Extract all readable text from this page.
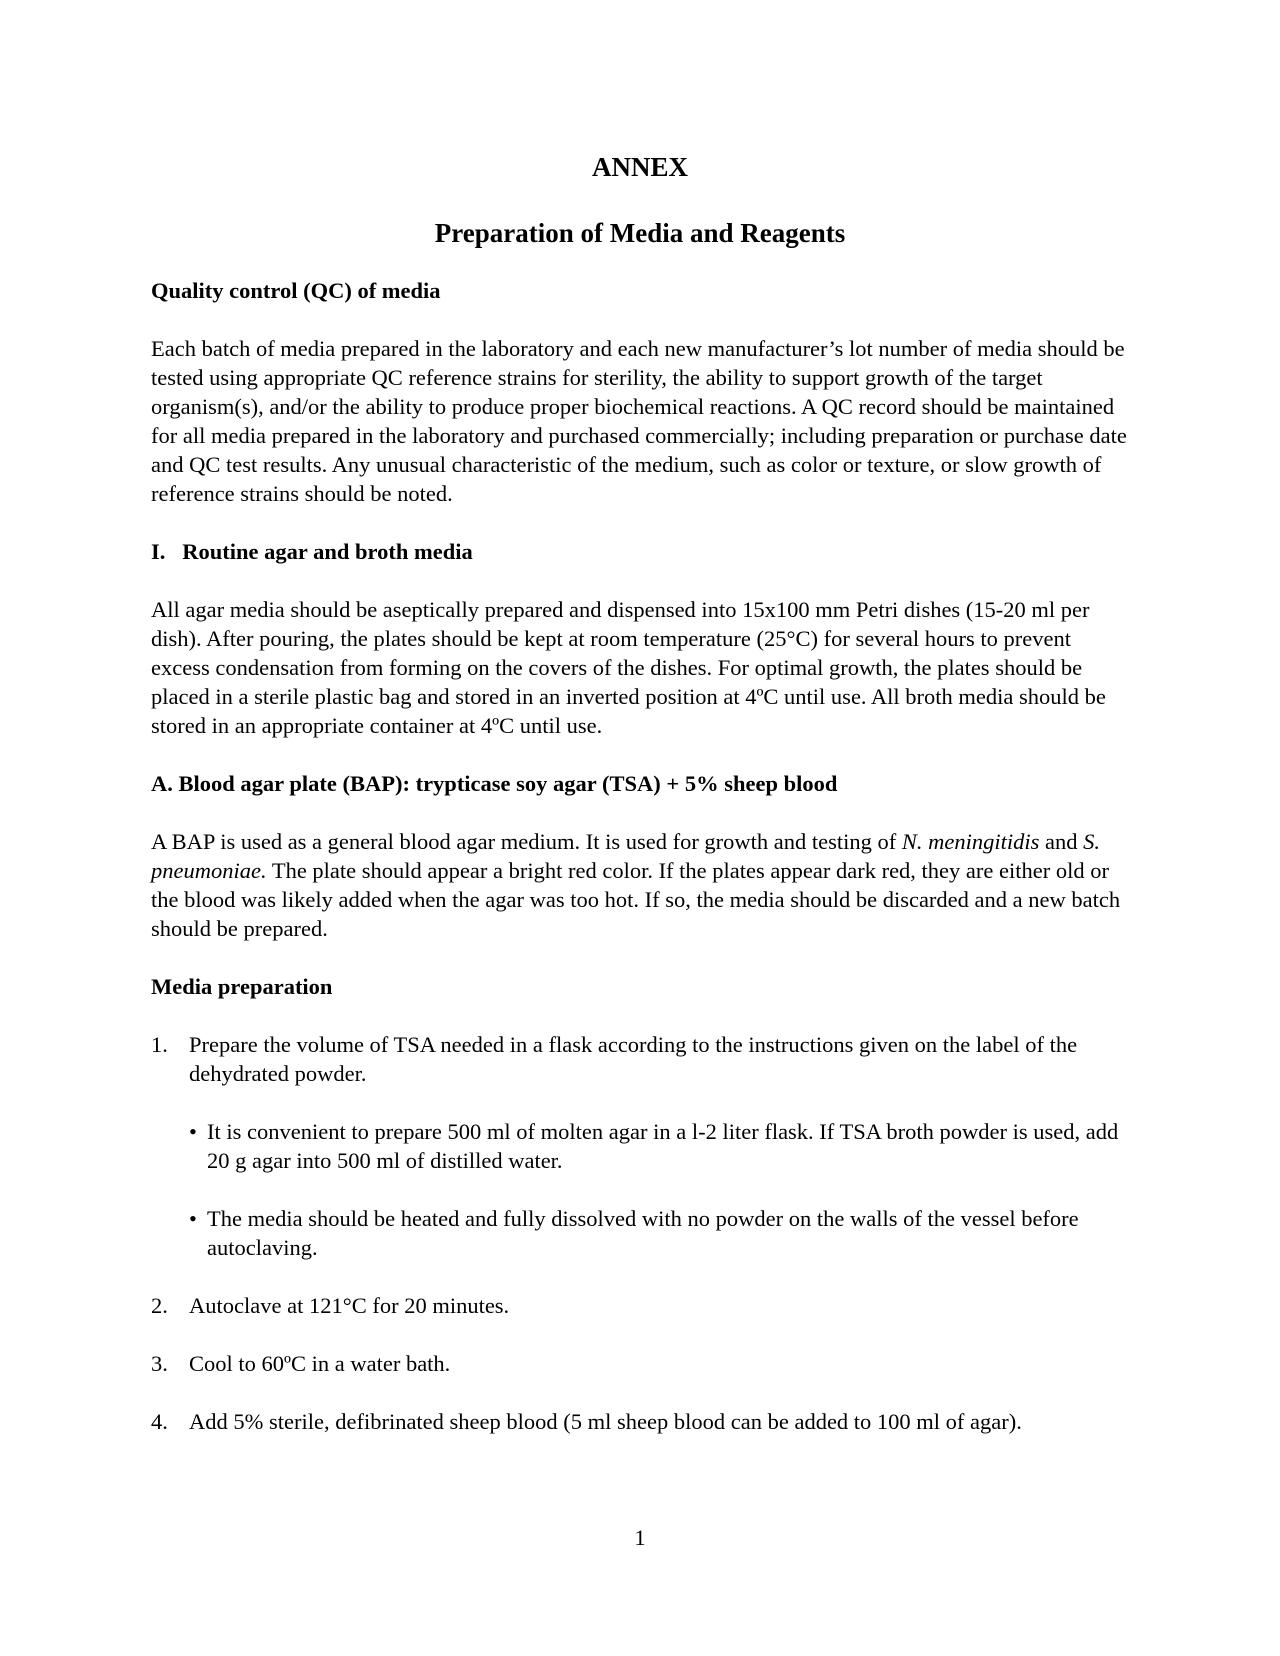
ANNEX
Preparation of Media and Reagents
Quality control (QC) of media

Each batch of media prepared in the laboratory and each new manufacturer’s lot number of media should be tested using appropriate QC reference strains for sterility, the ability to support growth of the target organism(s), and/or the ability to produce proper biochemical reactions. A QC record should be maintained for all media prepared in the laboratory and purchased commercially; including preparation or purchase date and QC test results. Any unusual characteristic of the medium, such as color or texture, or slow growth of reference strains should be noted.

I.   Routine agar and broth media

All agar media should be aseptically prepared and dispensed into 15x100 mm Petri dishes (15-20 ml per dish). After pouring, the plates should be kept at room temperature (25°C) for several hours to prevent excess condensation from forming on the covers of the dishes. For optimal growth, the plates should be placed in a sterile plastic bag and stored in an inverted position at 4ºC until use. All broth media should be stored in an appropriate container at 4ºC until use.

A. Blood agar plate (BAP): trypticase soy agar (TSA) + 5% sheep blood

A BAP is used as a general blood agar medium. It is used for growth and testing of N. meningitidis and S. pneumoniae. The plate should appear a bright red color. If the plates appear dark red, they are either old or the blood was likely added when the agar was too hot. If so, the media should be discarded and a new batch should be prepared.

Media preparation
1. Prepare the volume of TSA needed in a flask according to the instructions given on the label of the dehydrated powder.
• It is convenient to prepare 500 ml of molten agar in a l-2 liter flask. If TSA broth powder is used, add 20 g agar into 500 ml of distilled water.
• The media should be heated and fully dissolved with no powder on the walls of the vessel before autoclaving.
2. Autoclave at 121°C for 20 minutes.
3. Cool to 60ºC in a water bath.
4. Add 5% sterile, defibrinated sheep blood (5 ml sheep blood can be added to 100 ml of agar).
1
